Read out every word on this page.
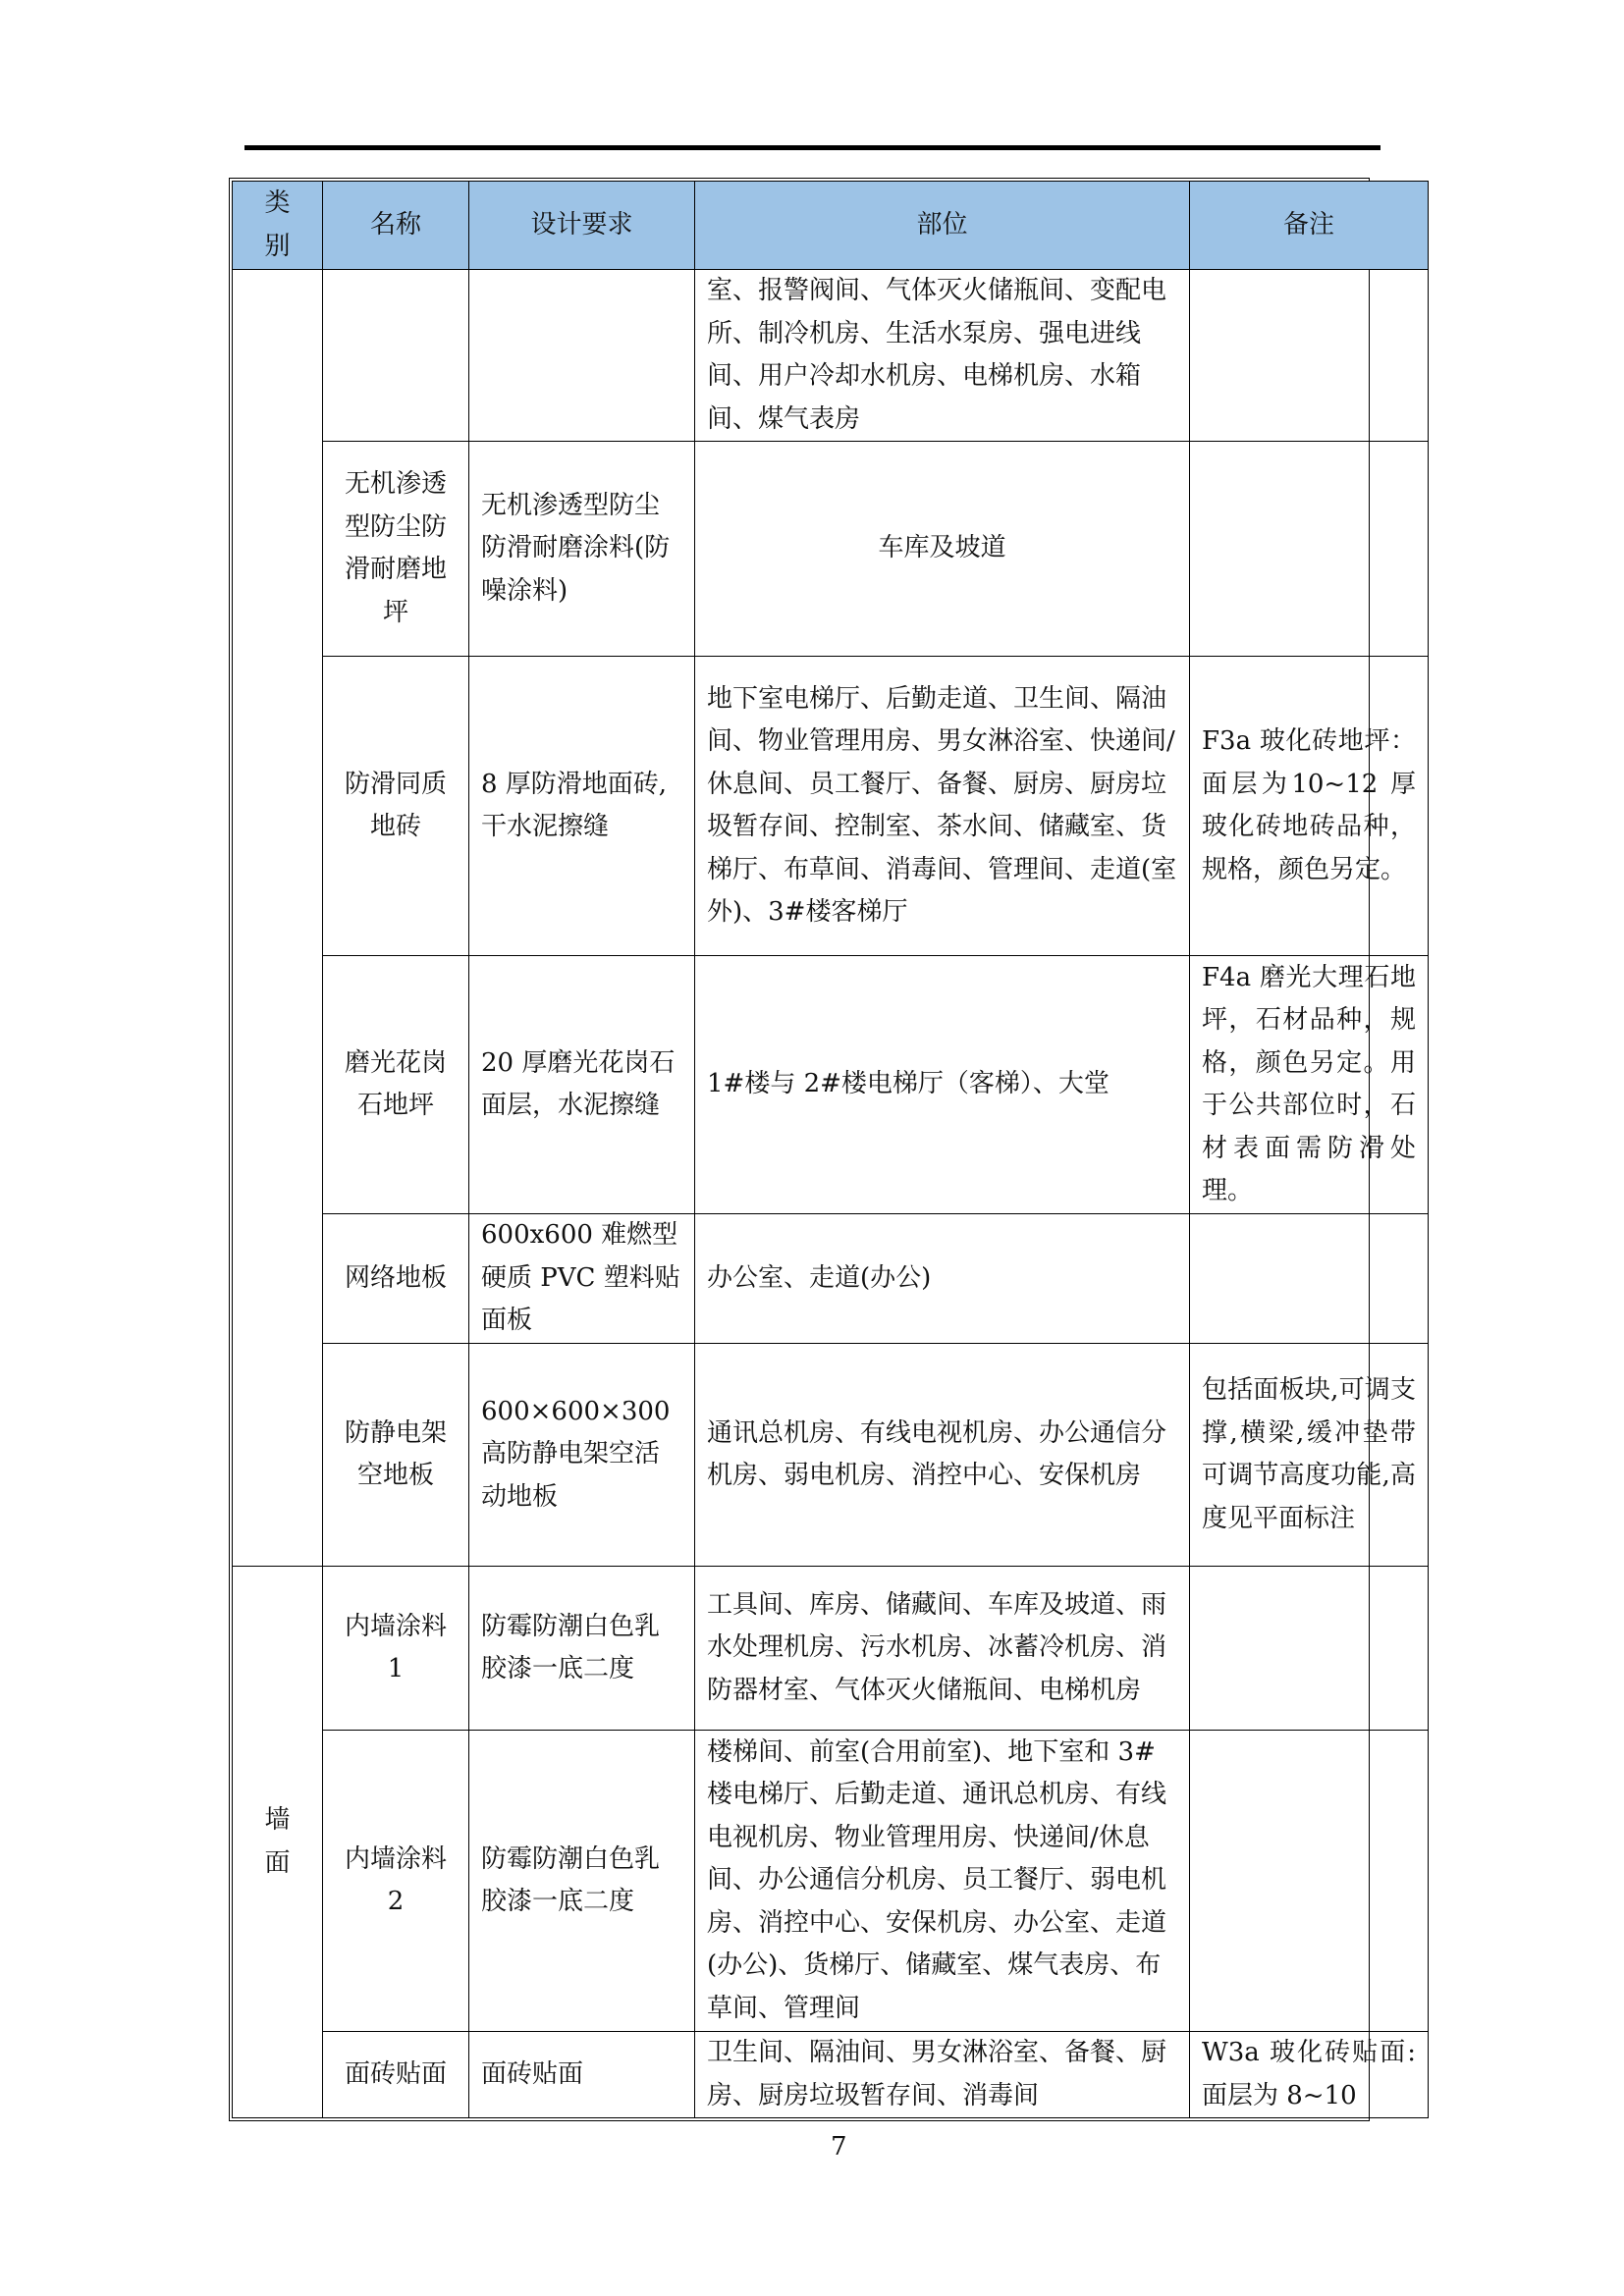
类别	名称	设计要求	部位	备注
			室、报警阀间、气体灭火储瓶间、变配电所、制冷机房、生活水泵房、强电进线间、用户冷却水机房、电梯机房、水箱间、煤气表房	
	无机渗透型防尘防滑耐磨地坪	无机渗透型防尘防滑耐磨涂料(防噪涂料)	车库及坡道	
	防滑同质地砖	8 厚防滑地面砖,干水泥擦缝	地下室电梯厅、后勤走道、卫生间、隔油间、物业管理用房、男女淋浴室、快递间/休息间、员工餐厅、备餐、厨房、厨房垃圾暂存间、控制室、茶水间、储藏室、货梯厅、布草间、消毒间、管理间、走道(室外)、3#楼客梯厅	F3a 玻化砖地坪：面层为10~12 厚玻化砖地砖品种，规格，颜色另定。
	磨光花岗石地坪	20 厚磨光花岗石面层，水泥擦缝	1#楼与 2#楼电梯厅（客梯）、大堂	F4a 磨光大理石地坪，石材品种，规格，颜色另定。用于公共部位时，石材表面需防滑处理。
	网络地板	600x600 难燃型硬质 PVC 塑料贴面板	办公室、走道(办公)	
	防静电架空地板	600×600×300 高防静电架空活动地板	通讯总机房、有线电视机房、办公通信分机房、弱电机房、消控中心、安保机房	包括面板块,可调支撑,横梁,缓冲垫带可调节高度功能,高度见平面标注
墙面	内墙涂料 1	防霉防潮白色乳胶漆一底二度	工具间、库房、储藏间、车库及坡道、雨水处理机房、污水机房、冰蓄冷机房、消防器材室、气体灭火储瓶间、电梯机房	
	内墙涂料 2	防霉防潮白色乳胶漆一底二度	楼梯间、前室(合用前室)、地下室和 3#楼电梯厅、后勤走道、通讯总机房、有线电视机房、物业管理用房、快递间/休息间、办公通信分机房、员工餐厅、弱电机房、消控中心、安保机房、办公室、走道(办公)、货梯厅、储藏室、煤气表房、布草间、管理间	
	面砖贴面	面砖贴面	卫生间、隔油间、男女淋浴室、备餐、厨房、厨房垃圾暂存间、消毒间	W3a 玻化砖贴面:面层为 8~10
7
